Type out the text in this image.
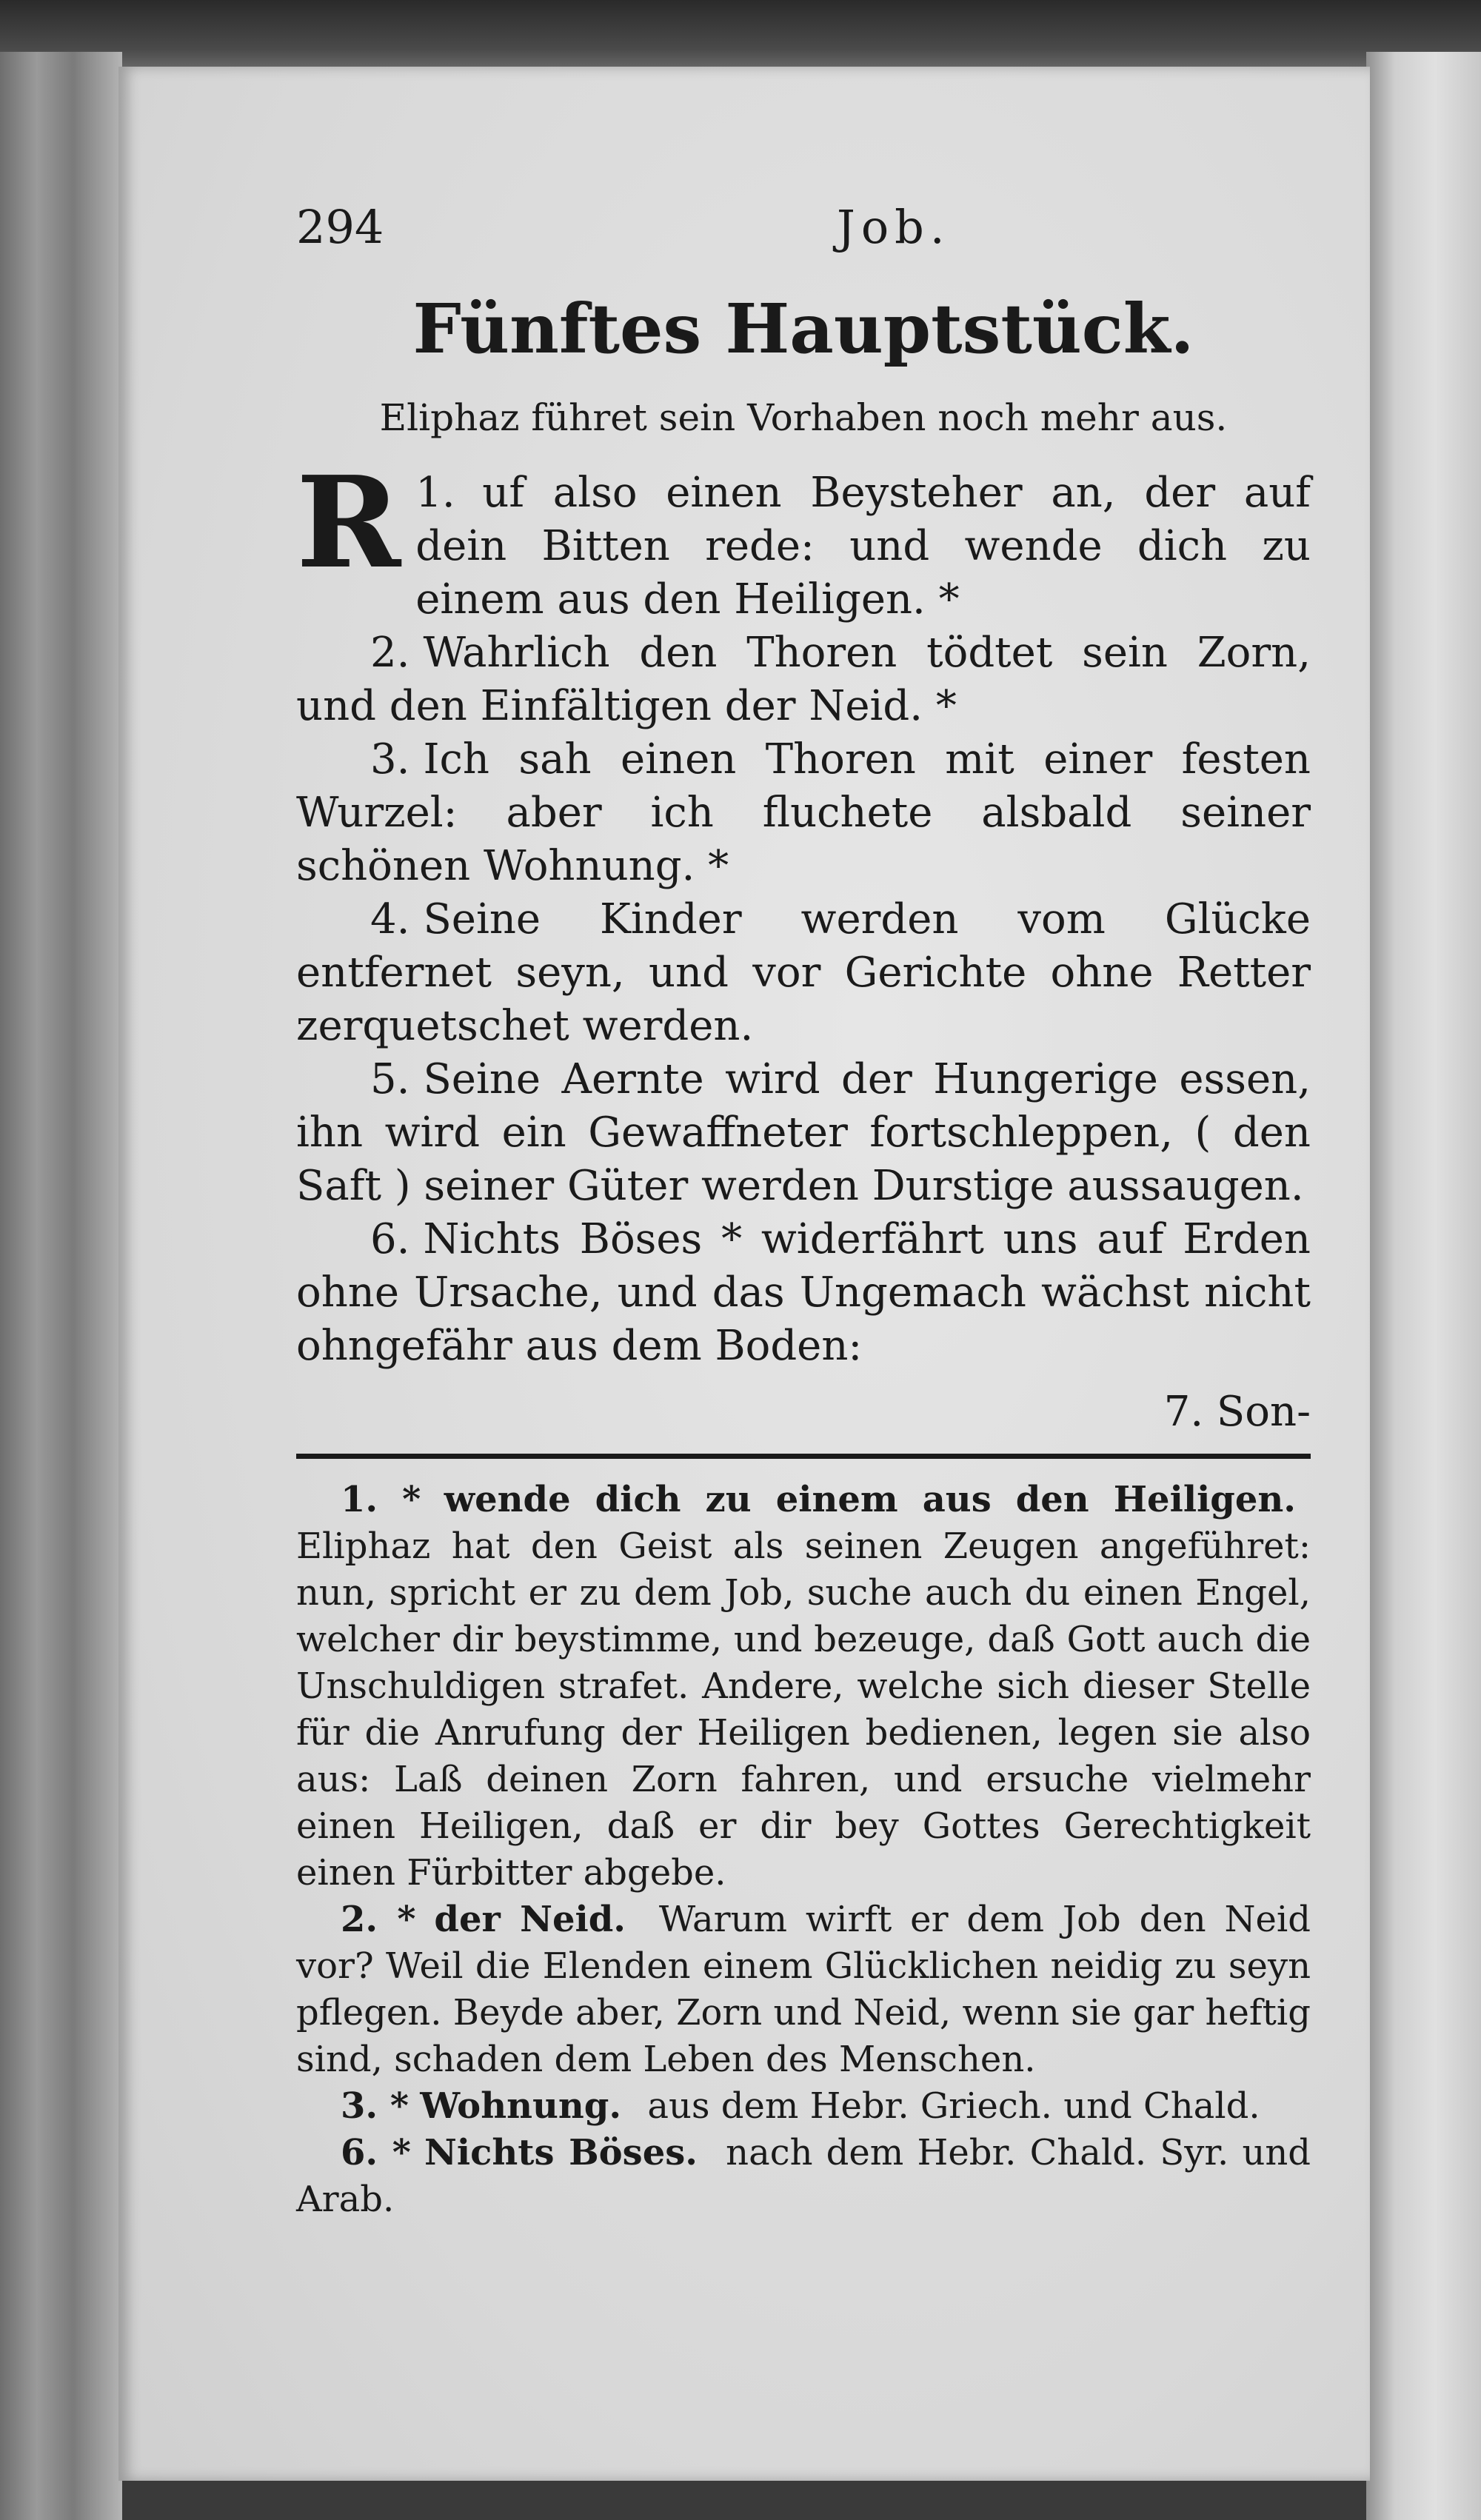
294	Job.
Fünftes Hauptstück.
Eliphaz führet sein Vorhaben noch mehr aus.

1.
R uf also einen Beysteher an, der auf dein Bitten rede: und wende dich zu einem aus den Heiligen. *

2. Wahrlich den Thoren tödtet sein Zorn, und den Einfältigen der Neid. *

3. Ich sah einen Thoren mit einer festen Wurzel: aber ich fluchete alsbald seiner schönen Wohnung. *

4. Seine Kinder werden vom Glücke entfernet seyn, und vor Gerichte ohne Retter zerquetschet werden.

5. Seine Aernte wird der Hungerige essen, ihn wird ein Gewaffneter fortschleppen, ( den Saft ) seiner Güter werden Durstige aussaugen.

6. Nichts Böses * widerfährt uns auf Erden ohne Ursache, und das Ungemach wächst nicht ohngefähr aus dem Boden:

7. Son-

1. * wende dich zu einem aus den Heiligen. Eliphaz hat den Geist als seinen Zeugen angeführet: nun, spricht er zu dem Job, suche auch du einen Engel, welcher dir beystimme, und bezeuge, daß Gott auch die Unschuldigen strafet. Andere, welche sich dieser Stelle für die Anrufung der Heiligen bedienen, legen sie also aus: Laß deinen Zorn fahren, und ersuche vielmehr einen Heiligen, daß er dir bey Gottes Gerechtigkeit einen Fürbitter abgebe.

2. * der Neid. Warum wirft er dem Job den Neid vor? Weil die Elenden einem Glücklichen neidig zu seyn pflegen. Beyde aber, Zorn und Neid, wenn sie gar heftig sind, schaden dem Leben des Menschen.

3. * Wohnung. aus dem Hebr. Griech. und Chald.

6. * Nichts Böses. nach dem Hebr. Chald. Syr. und Arab.
